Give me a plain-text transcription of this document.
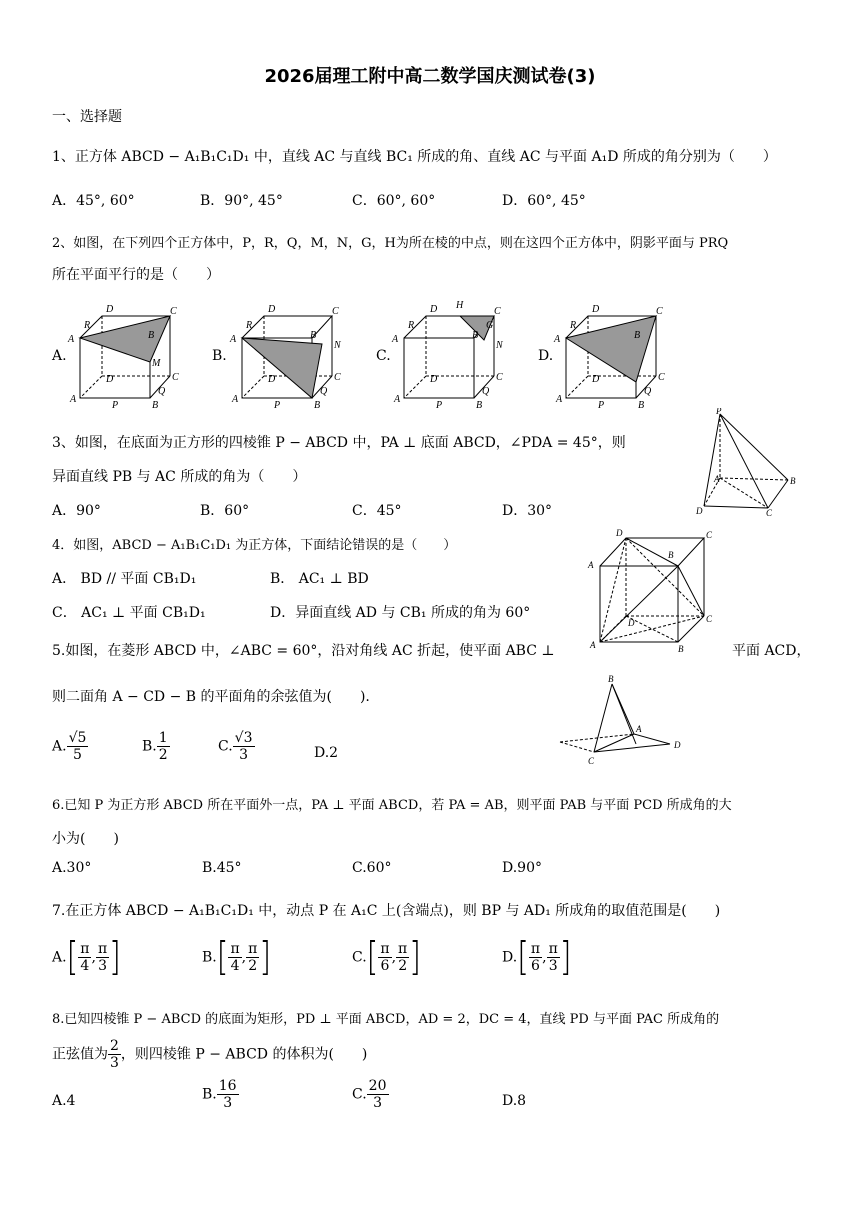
2026届理工附中高二数学国庆测试卷(3)
一、选择题
1、正方体 ABCD − A₁B₁C₁D₁ 中，直线 AC 与直线 BC₁ 所成的角、直线 AC 与平面 A₁D 所成的角分别为（　　）
A．45°, 60°	B．90°, 45°	C．60°, 60°	D．60°, 45°
2、如图，在下列四个正方体中，P，R，Q，M，N，G，H为所在棱的中点，则在这四个正方体中，阴影平面与 PRQ
所在平面平行的是（　　）
A.	B.	C.	D.
A
A
D	C
B
B
C
D
R
P
M
Q
A
A
D	C
B
B
C
D
R
P
N
Q
A
A
D	C
B
B
C
D
R
P
H
G
N
Q
A
A
D	C
B
B
C
D
R
P
Q
3、如图，在底面为正方形的四棱锥 P − ABCD 中，PA ⊥ 底面 ABCD，∠PDA = 45°，则
异面直线 PB 与 AC 所成的角为（　　）
A．90°	B．60°	C．45°	D．30°
P
A	B
C
D
4．如图，ABCD − A₁B₁C₁D₁ 为正方体，下面结论错误的是（　　）
A． BD // 平面 CB₁D₁	B． AC₁ ⊥ BD
C． AC₁ ⊥ 平面 CB₁D₁	D．异面直线 AD 与 CB₁ 所成的角为 60°
A
A
D	C
B
B
C
D
5.如图，在菱形 ABCD 中，∠ABC = 60°，沿对角线 AC 折起，使平面 ABC ⊥	平面 ACD，
则二面角 A − CD − B 的平面角的余弦值为(　　).
A. $\frac{√5}{5}$	B. $\frac{1}{2}$	C. $\frac{√3}{3}$	D.2
B
A
D
C
6.已知 P 为正方形 ABCD 所在平面外一点，PA ⊥ 平面 ABCD，若 PA = AB，则平面 PAB 与平面 PCD 所成角的大
小为(　　)
A.30°	B.45°	C.60°	D.90°
7.在正方体 ABCD − A₁B₁C₁D₁ 中，动点 P 在 A₁C 上(含端点)，则 BP 与 AD₁ 所成角的取值范围是(　　)
$A.[ \frac{\pi}{4}$ , $\frac{\pi}{3}$ ]	$B.[ \frac{\pi}{4}$ , $\frac{\pi}{2}$ ]	$C.[ \frac{\pi}{6}$ , $\frac{\pi}{2}$ ]	$D.[ \frac{\pi}{6}$ , $\frac{\pi}{3}$ ]
8.已知四棱锥 P − ABCD 的底面为矩形，PD ⊥ 平面 ABCD，AD = 2，DC = 4，直线 PD 与平面 PAC 所成角的
正弦值为 $\frac{2}{3}$ ，则四棱锥 P − ABCD 的体积为(　　)
A.4	B. $\frac{16}{3}$	C. $\frac{20}{3}$	D.8
